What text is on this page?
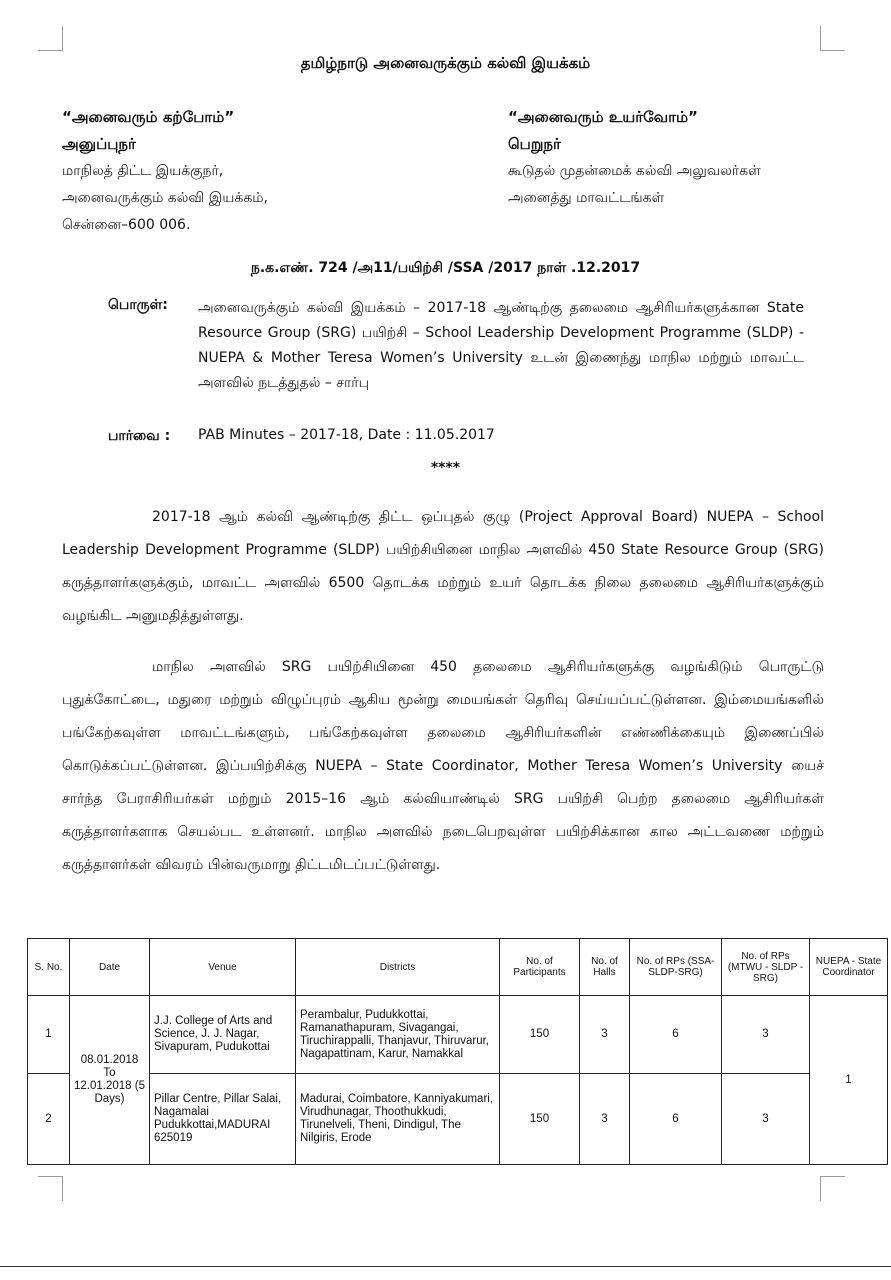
தமிழ்நாடு அனைவருக்கும் கல்வி இயக்கம்
“அனைவரும் கற்போம்”
அனுப்புநர்
மாநிலத் திட்ட இயக்குநர்,
அனைவருக்கும் கல்வி இயக்கம்,
சென்னை–600 006.
“அனைவரும் உயர்வோம்”
பெறுநர்
கூடுதல் முதன்மைக் கல்வி அலுவலர்கள்
அனைத்து மாவட்டங்கள்
ந.க.எண். 724 /அ11/பயிற்சி /SSA /2017 நாள் .12.2017
பொருள்: அனைவருக்கும் கல்வி இயக்கம் – 2017-18 ஆண்டிற்கு தலைமை ஆசிரியர்களுக்கான State Resource Group (SRG) பயிற்சி – School Leadership Development Programme (SLDP) - NUEPA & Mother Teresa Women’s University உடன் இணைந்து மாநில மற்றும் மாவட்ட அளவில் நடத்துதல் – சார்பு
பார்வை : PAB Minutes – 2017-18, Date : 11.05.2017
****
2017-18 ஆம் கல்வி ஆண்டிற்கு திட்ட ஒப்புதல் குழு (Project Approval Board) NUEPA – School Leadership Development Programme (SLDP) பயிற்சியினை மாநில அளவில் 450 State Resource Group (SRG) கருத்தாளர்களுக்கும், மாவட்ட அளவில் 6500 தொடக்க மற்றும் உயர் தொடக்க நிலை தலைமை ஆசிரியர்களுக்கும் வழங்கிட அனுமதித்துள்ளது.
மாநில அளவில் SRG பயிற்சியினை 450 தலைமை ஆசிரியர்களுக்கு வழங்கிடும் பொருட்டு புதுக்கோட்டை, மதுரை மற்றும் விழுப்புரம் ஆகிய மூன்று மையங்கள் தெரிவு செய்யப்பட்டுள்ளன. இம்மையங்களில் பங்கேற்கவுள்ள மாவட்டங்களும், பங்கேற்கவுள்ள தலைமை ஆசிரியர்களின் எண்ணிக்கையும் இணைப்பில் கொடுக்கப்பட்டுள்ளன. இப்பயிற்சிக்கு NUEPA – State Coordinator, Mother Teresa Women’s University யைச் சார்ந்த பேராசிரியர்கள் மற்றும் 2015–16 ஆம் கல்வியாண்டில் SRG பயிற்சி பெற்ற தலைமை ஆசிரியர்கள் கருத்தாளர்களாக செயல்பட உள்ளனர். மாநில அளவில் நடைபெறவுள்ள பயிற்சிக்கான கால அட்டவணை மற்றும் கருத்தாளர்கள் விவரம் பின்வருமாறு திட்டமிடப்பட்டுள்ளது.
S. No.	Date	Venue	Districts	No. of Participants	No. of Halls	No. of RPs (SSA-SLDP-SRG)	No. of RPs (MTWU - SLDP - SRG)	NUEPA - State Coordinator
1	08.01.2018 To 12.01.2018 (5 Days)	J.J. College of Arts and Science, J. J. Nagar, Sivapuram, Pudukottai	Perambalur, Pudukkottai, Ramanathapuram, Sivagangai, Tiruchirappalli, Thanjavur, Thiruvarur, Nagapattinam, Karur, Namakkal	150	3	6	3	1
2		Pillar Centre, Pillar Salai, Nagamalai Pudukkottai,MADURAI 625019	Madurai, Coimbatore, Kanniyakumari, Virudhunagar, Thoothukkudi, Tirunelveli, Theni, Dindigul, The Nilgiris, Erode	150	3	6	3	
